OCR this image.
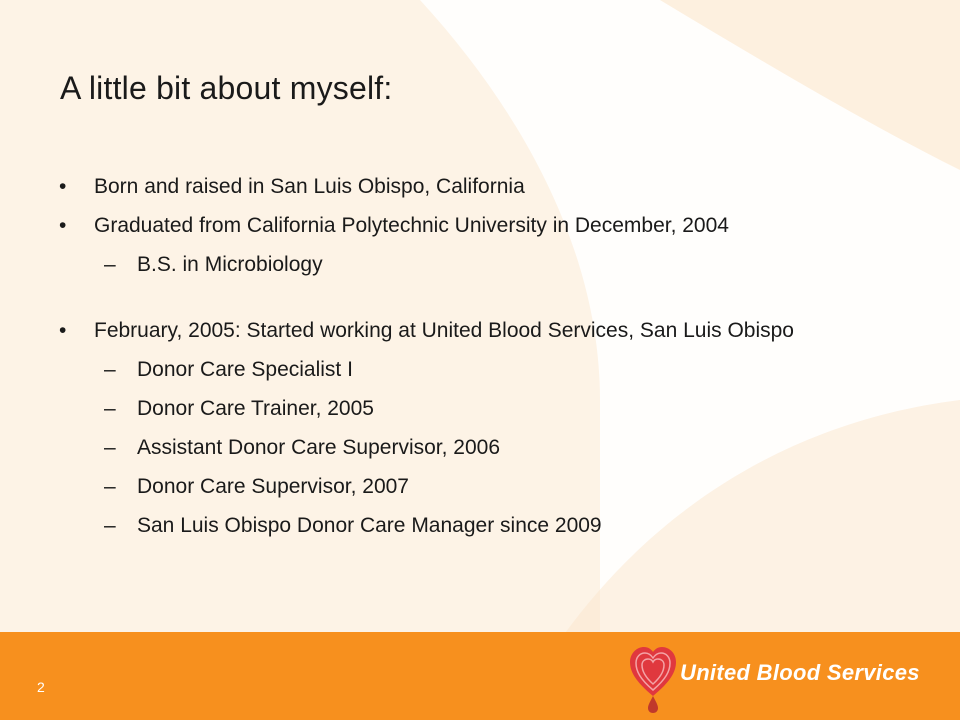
A little bit about myself:
• Born and raised in San Luis Obispo, California
• Graduated from California Polytechnic University in December, 2004
– B.S. in Microbiology
• February, 2005: Started working at United Blood Services, San Luis Obispo
– Donor Care Specialist I
– Donor Care Trainer, 2005
– Assistant Donor Care Supervisor, 2006
– Donor Care Supervisor, 2007
– San Luis Obispo Donor Care Manager since 2009
2
United Blood Services
